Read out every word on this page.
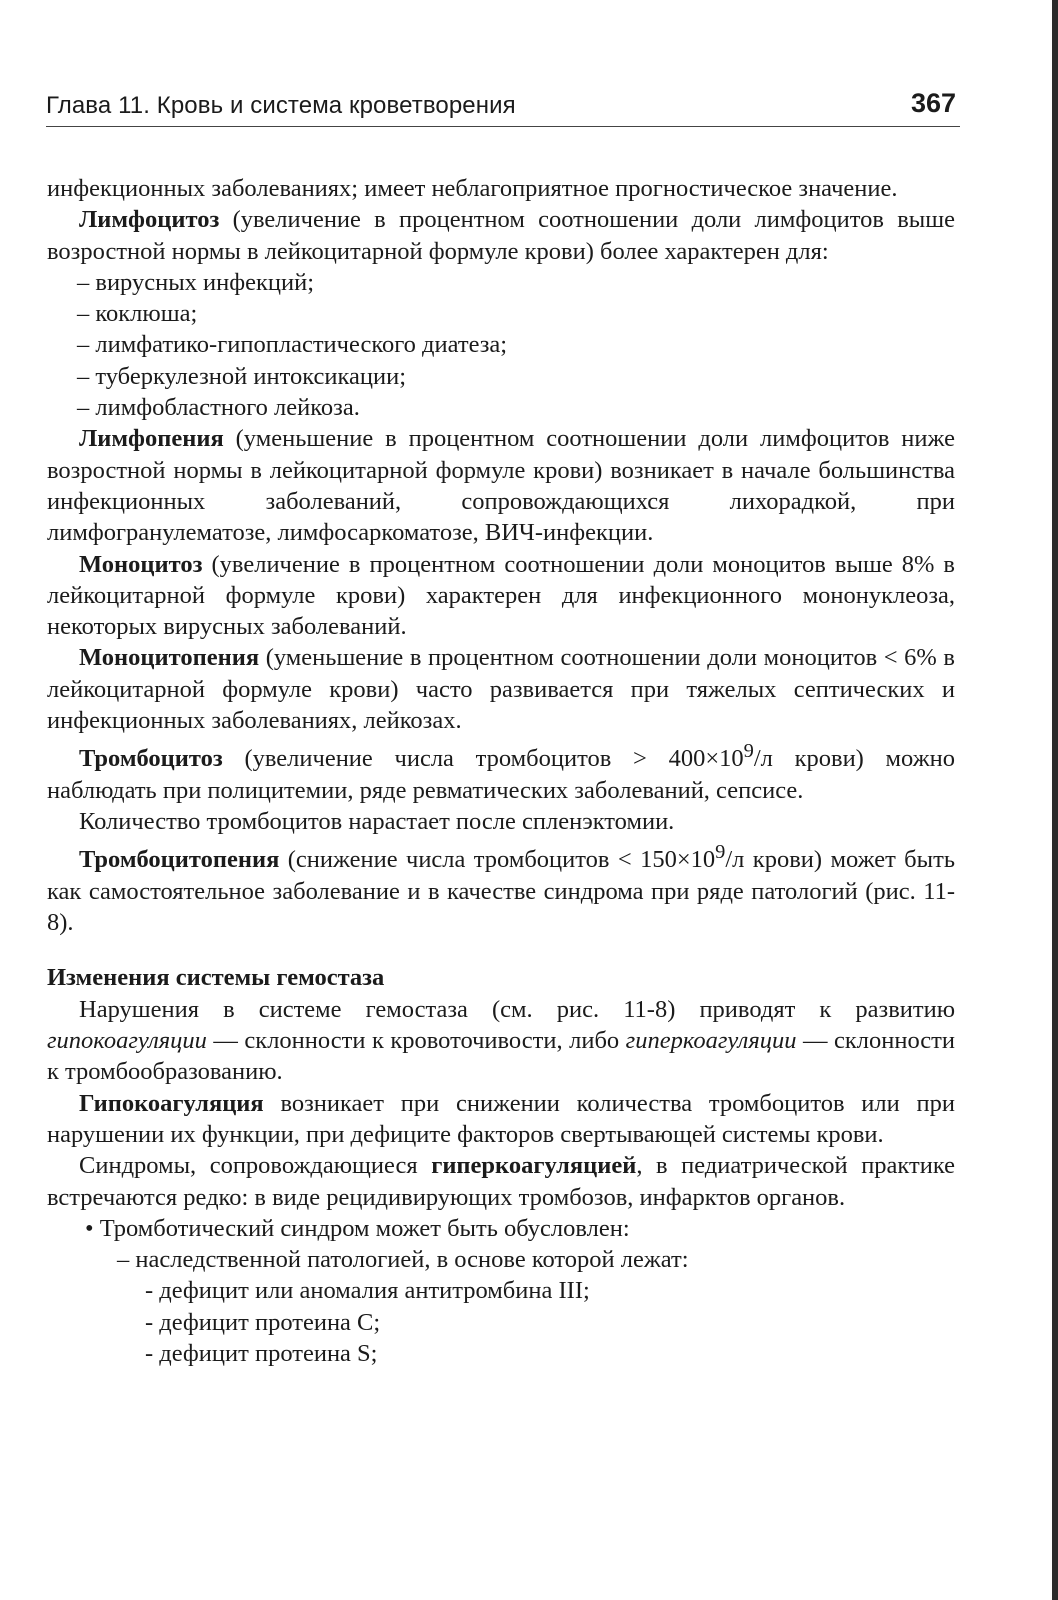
Глава 11. Кровь и система кроветворения	367

инфекционных заболеваниях; имеет неблагоприятное прогностическое значение.

Лимфоцитоз (увеличение в процентном соотношении доли лимфоцитов выше возростной нормы в лейкоцитарной формуле крови) более характерен для:

– вирусных инфекций;

– коклюша;

– лимфатико-гипопластического диатеза;

– туберкулезной интоксикации;

– лимфобластного лейкоза.

Лимфопения (уменьшение в процентном соотношении доли лимфоцитов ниже возростной нормы в лейкоцитарной формуле крови) возникает в начале большинства инфекционных заболеваний, сопровождающихся лихорадкой, при лимфогранулематозе, лимфосаркоматозе, ВИЧ-инфекции.

Моноцитоз (увеличение в процентном соотношении доли моноцитов выше 8% в лейкоцитарной формуле крови) характерен для инфекционного мононуклеоза, некоторых вирусных заболеваний.

Моноцитопения (уменьшение в процентном соотношении доли моноцитов < 6% в лейкоцитарной формуле крови) часто развивается при тяжелых септических и инфекционных заболеваниях, лейкозах.

Тромбоцитоз (увеличение числа тромбоцитов > $400\times 10^9/л$ крови) можно наблюдать при полицитемии, ряде ревматических заболеваний, сепсисе.

Количество тромбоцитов нарастает после спленэктомии.

Тромбоцитопения (снижение числа тромбоцитов < $150\times 10^9/л$ крови) может быть как самостоятельное заболевание и в качестве синдрома при ряде патологий (рис. 11-8).

Изменения системы гемостаза

Нарушения в системе гемостаза (см. рис. 11-8) приводят к развитию гипокоагуляции — склонности к кровоточивости, либо гиперкоагуляции — склонности к тромбообразованию.

Гипокоагуляция возникает при снижении количества тромбоцитов или при нарушении их функции, при дефиците факторов свертывающей системы крови.

Синдромы, сопровождающиеся гиперкоагуляцией, в педиатрической практике встречаются редко: в виде рецидивирующих тромбозов, инфарктов органов.

• Тромботический синдром может быть обусловлен:

– наследственной патологией, в основе которой лежат:

- дефицит или аномалия антитромбина III;

- дефицит протеина C;

- дефицит протеина S;
